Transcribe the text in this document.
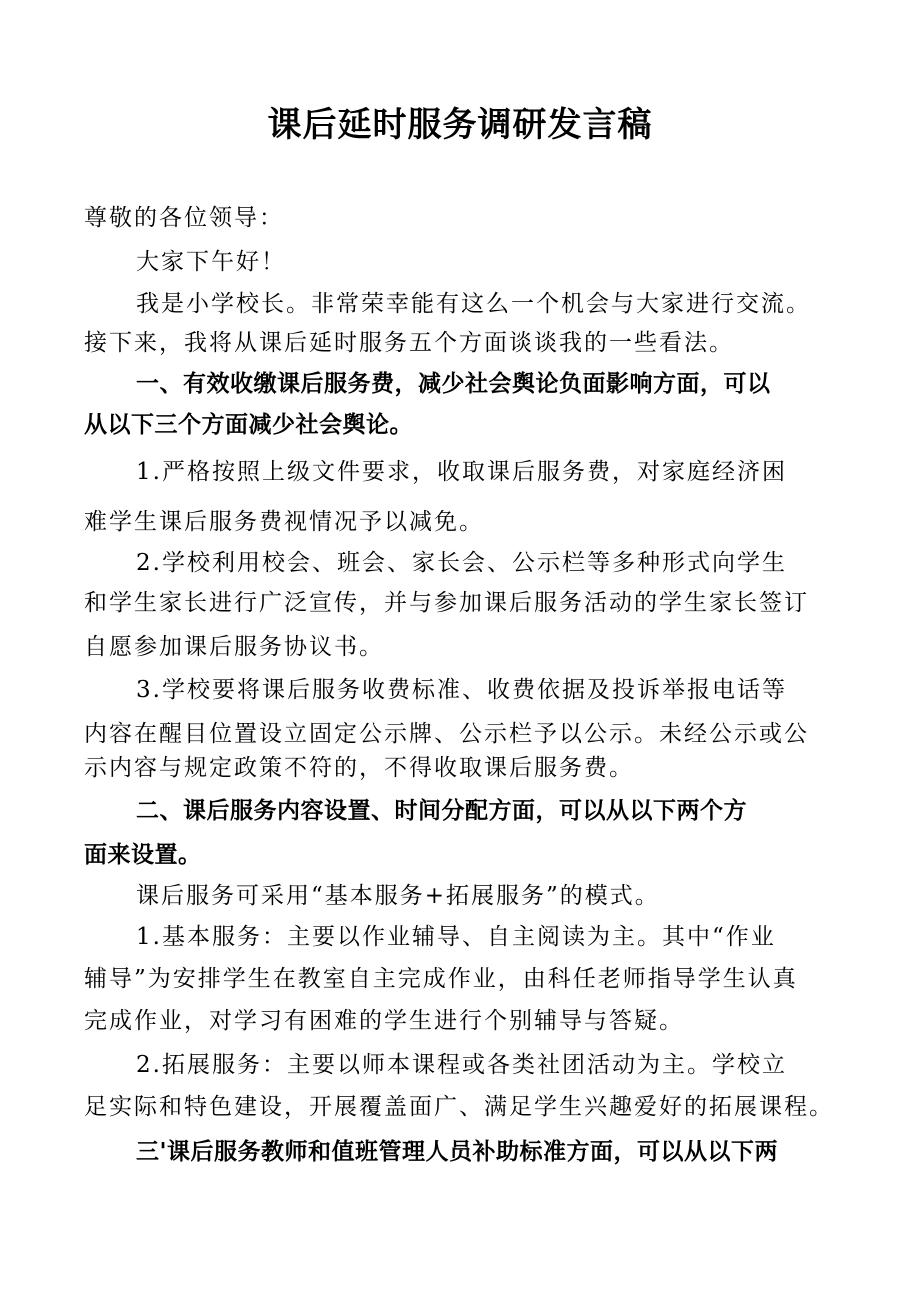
课后延时服务调研发言稿
尊敬的各位领导：
大家下午好！
我是小学校长。非常荣幸能有这么一个机会与大家进行交流。
接下来，我将从课后延时服务五个方面谈谈我的一些看法。
一、有效收缴课后服务费，减少社会舆论负面影响方面，可以
从以下三个方面减少社会舆论。
1.严格按照上级文件要求，收取课后服务费，对家庭经济困
难学生课后服务费视情况予以减免。
2.学校利用校会、班会、家长会、公示栏等多种形式向学生
和学生家长进行广泛宣传，并与参加课后服务活动的学生家长签订
自愿参加课后服务协议书。
3.学校要将课后服务收费标准、收费依据及投诉举报电话等
内容在醒目位置设立固定公示牌、公示栏予以公示。未经公示或公
示内容与规定政策不符的，不得收取课后服务费。
二、课后服务内容设置、时间分配方面，可以从以下两个方
面来设置。
课后服务可采用“基本服务+拓展服务”的模式。
1.基本服务：主要以作业辅导、自主阅读为主。其中“作业
辅导”为安排学生在教室自主完成作业，由科任老师指导学生认真
完成作业，对学习有困难的学生进行个别辅导与答疑。
2.拓展服务：主要以师本课程或各类社团活动为主。学校立
足实际和特色建设，开展覆盖面广、满足学生兴趣爱好的拓展课程。
三'课后服务教师和值班管理人员补助标准方面，可以从以下两
